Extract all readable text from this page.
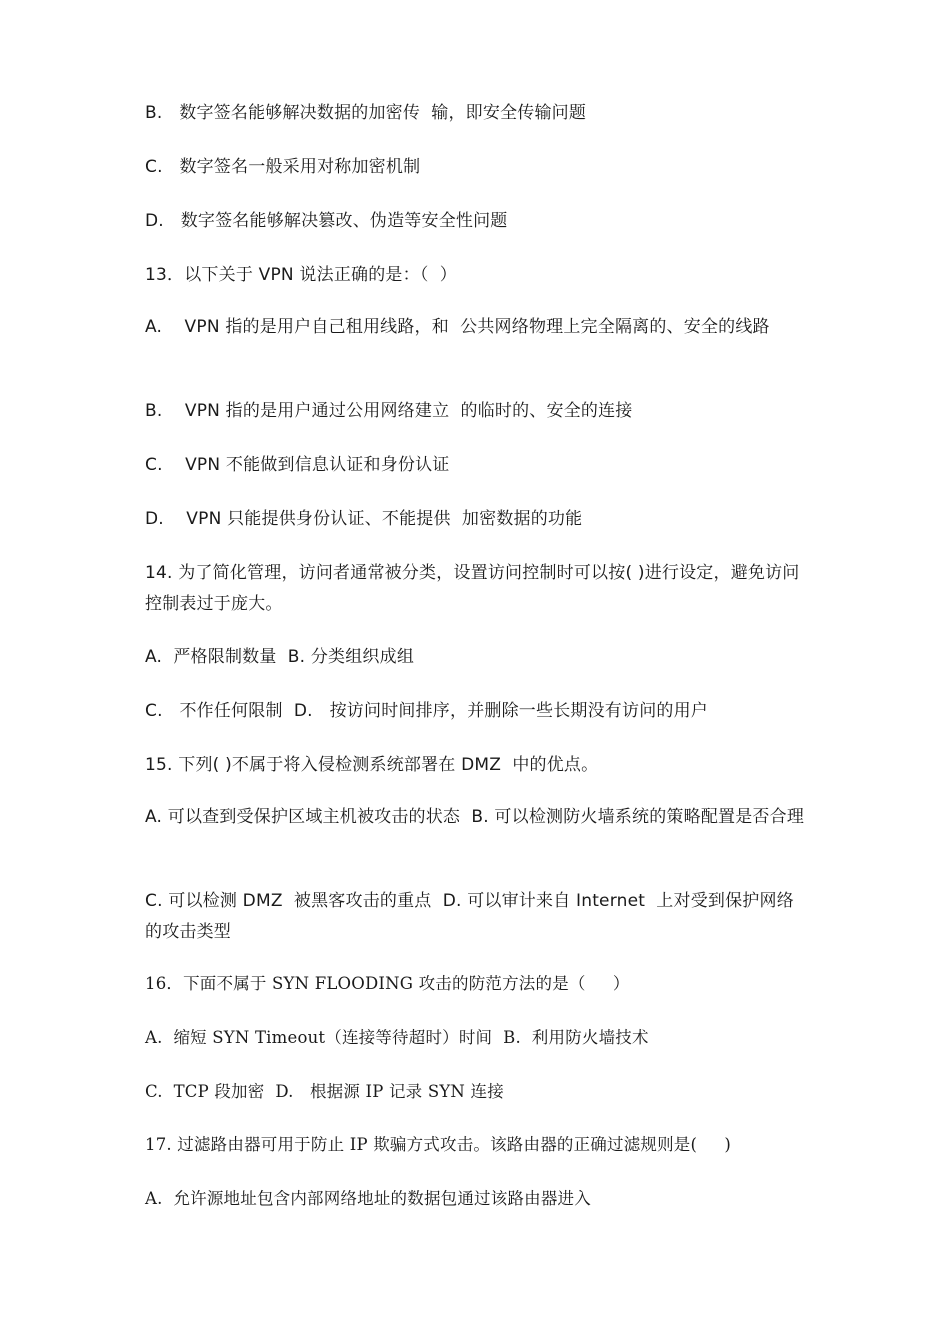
B.   数字签名能够解决数据的加密传  输，即安全传输问题
C.   数字签名一般采用对称加密机制
D.   数字签名能够解决篡改、伪造等安全性问题
13．以下关于 VPN 说法正确的是：（  ）
A.    VPN 指的是用户自己租用线路，和  公共网络物理上完全隔离的、安全的线路
B.    VPN 指的是用户通过公用网络建立  的临时的、安全的连接
C.    VPN 不能做到信息认证和身份认证
D.    VPN 只能提供身份认证、不能提供  加密数据的功能
14. 为了简化管理，访问者通常被分类，设置访问控制时可以按( )进行设定，避免访问控制表过于庞大。
A.  严格限制数量  B. 分类组织成组
C.   不作任何限制  D.   按访问时间排序，并删除一些长期没有访问的用户
15. 下列( )不属于将入侵检测系统部署在 DMZ  中的优点。
A. 可以查到受保护区域主机被攻击的状态  B. 可以检测防火墙系统的策略配置是否合理
C. 可以检测 DMZ  被黑客攻击的重点  D. 可以审计来自 Internet  上对受到保护网络的攻击类型
16．下面不属于 SYN FLOODING 攻击的防范方法的是（     ）
A.  缩短 SYN Timeout（连接等待超时）时间  B.  利用防火墙技术
C.  TCP 段加密  D.   根据源 IP 记录 SYN 连接
17. 过滤路由器可用于防止 IP 欺骗方式攻击。该路由器的正确过滤规则是(     )
A.  允许源地址包含内部网络地址的数据包通过该路由器进入
